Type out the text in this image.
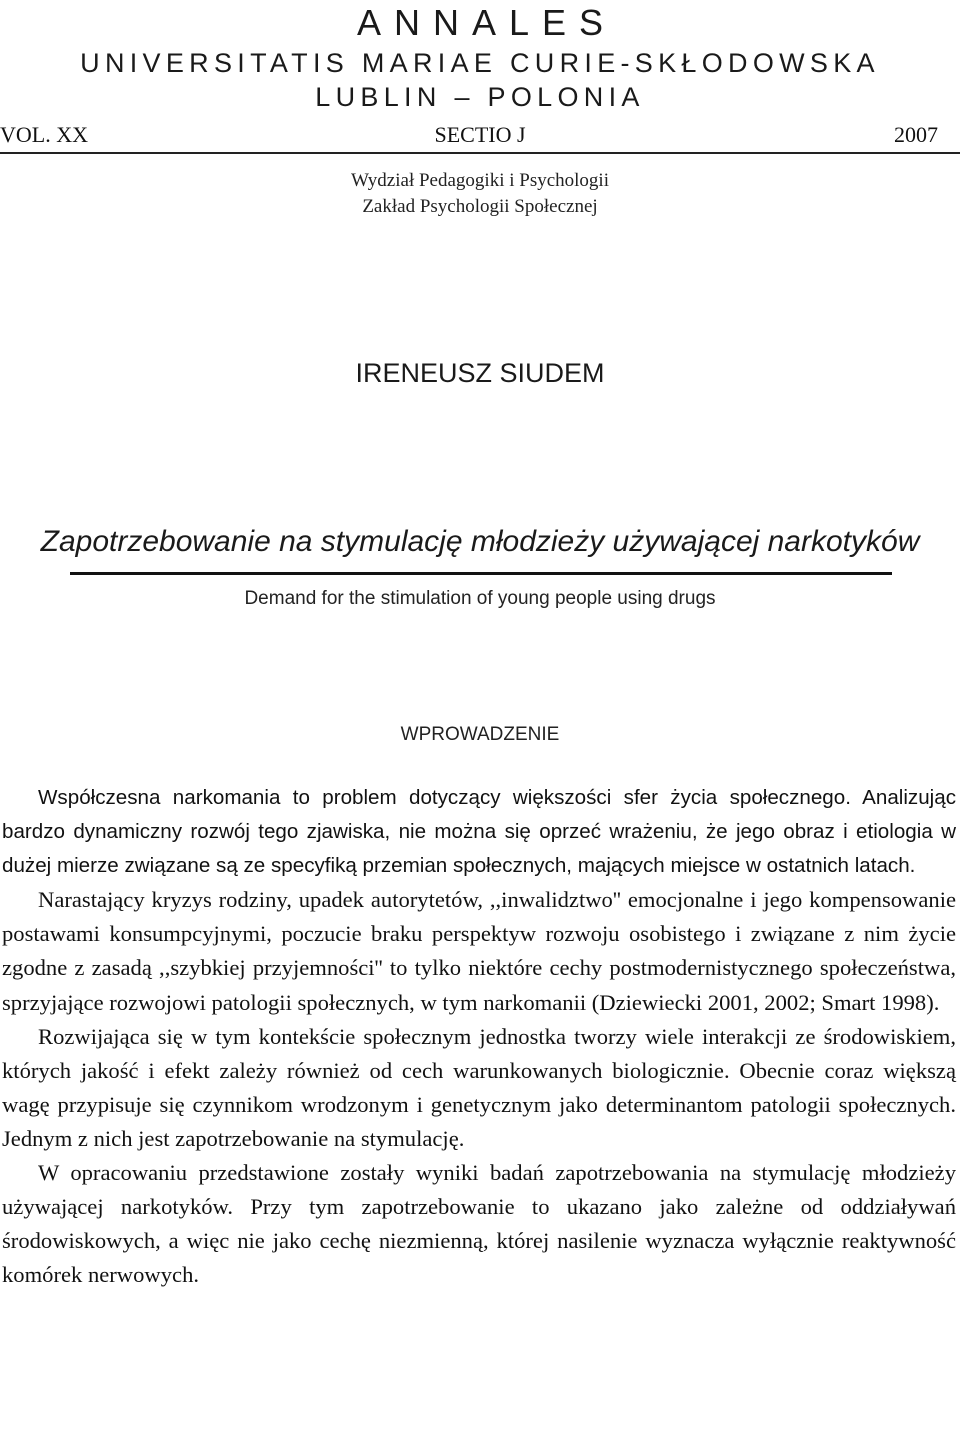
ANNALES
UNIVERSITATIS MARIAE CURIE-SKŁODOWSKA
LUBLIN – POLONIA
VOL. XX	SECTIO J	2007
Wydział Pedagogiki i Psychologii
Zakład Psychologii Społecznej
IRENEUSZ SIUDEM
Zapotrzebowanie na stymulację młodzieży używającej narkotyków
Demand for the stimulation of young people using drugs
WPROWADZENIE

Współczesna narkomania to problem dotyczący większości sfer życia społecznego. Analizując bardzo dynamiczny rozwój tego zjawiska, nie można się oprzeć wrażeniu, że jego obraz i etiologia w dużej mierze związane są ze specyfiką przemian społecznych, mających miejsce w ostatnich latach.

Narastający kryzys rodziny, upadek autorytetów, ,,inwalidztwo'' emocjonalne i jego kompensowanie postawami konsumpcyjnymi, poczucie braku perspektyw rozwoju osobistego i związane z nim życie zgodne z zasadą ,,szybkiej przyjemności'' to tylko niektóre cechy postmodernistycznego społeczeństwa, sprzyjające rozwojowi patologii społecznych, w tym narkomanii (Dziewiecki 2001, 2002; Smart 1998).

Rozwijająca się w tym kontekście społecznym jednostka tworzy wiele interakcji ze środowiskiem, których jakość i efekt zależy również od cech warunkowanych biologicznie. Obecnie coraz większą wagę przypisuje się czynnikom wrodzonym i genetycznym jako determinantom patologii społecznych. Jednym z nich jest zapotrzebowanie na stymulację.

W opracowaniu przedstawione zostały wyniki badań zapotrzebowania na stymulację młodzieży używającej narkotyków. Przy tym zapotrzebowanie to ukazano jako zależne od oddziaływań środowiskowych, a więc nie jako cechę niezmienną, której nasilenie wyznacza wyłącznie reaktywność komórek nerwowych.
